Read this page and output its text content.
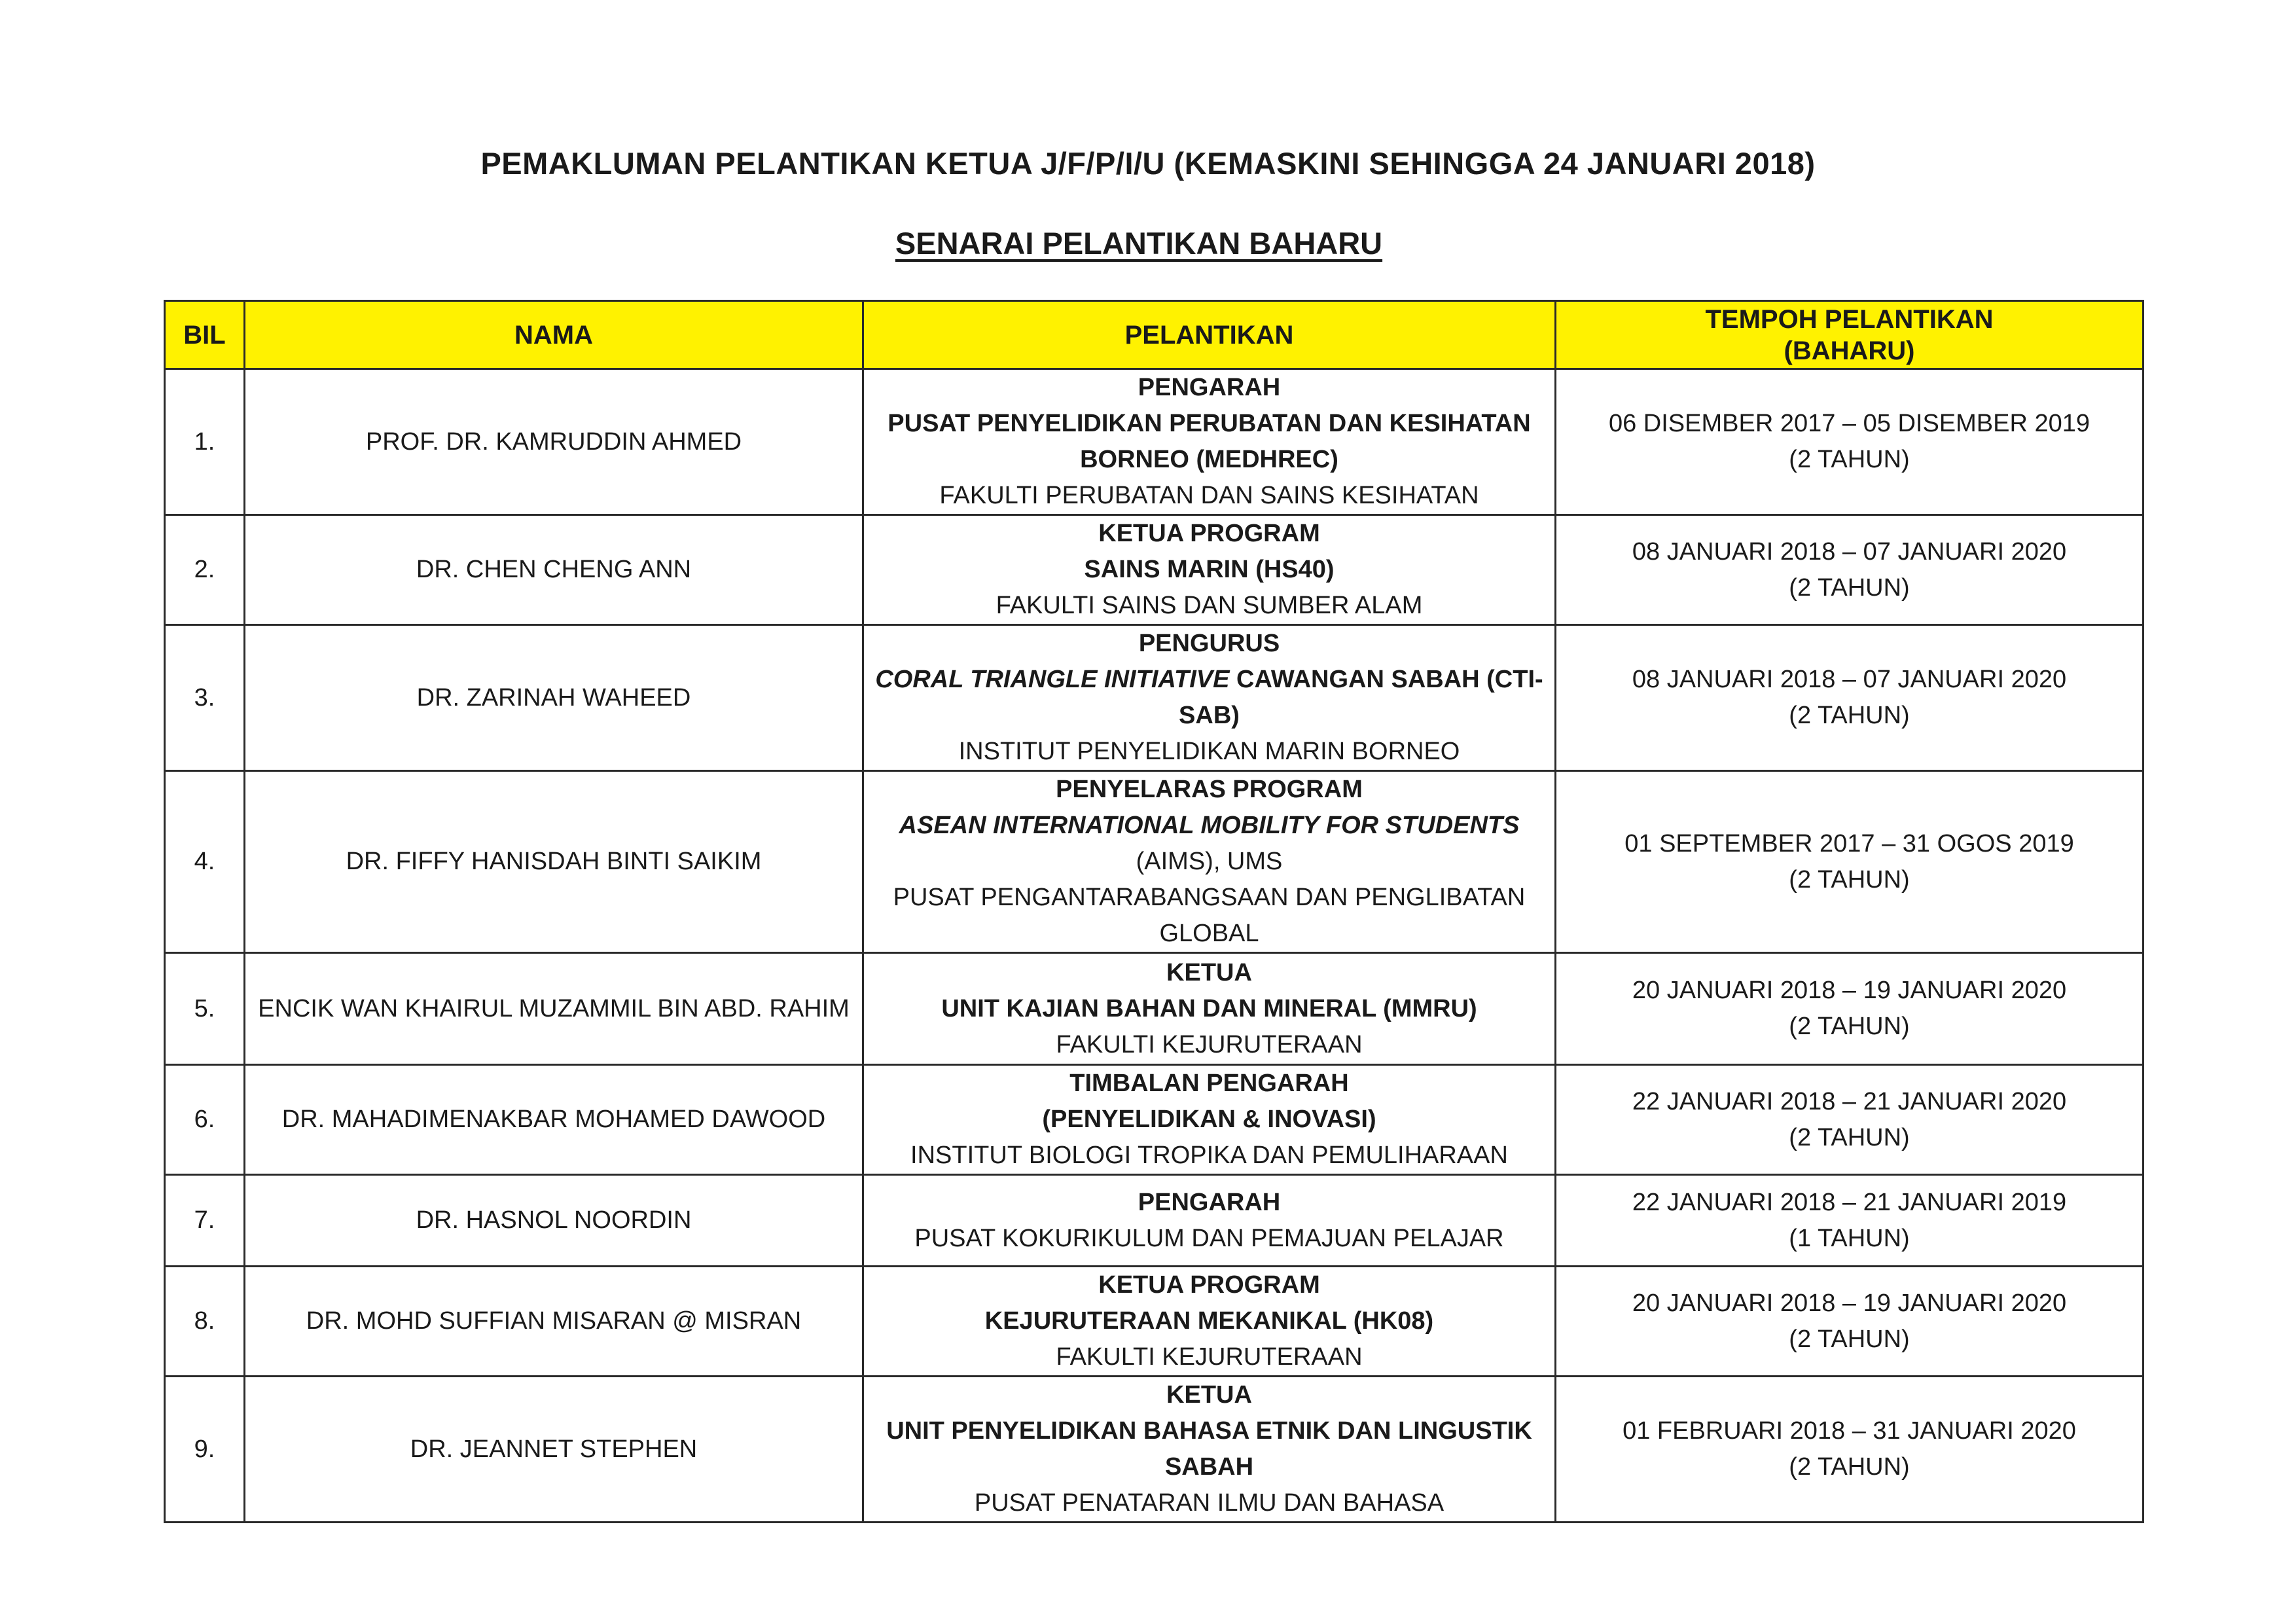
PEMAKLUMAN PELANTIKAN KETUA J/F/P/I/U (KEMASKINI SEHINGGA 24 JANUARI 2018)
SENARAI PELANTIKAN BAHARU
BIL	NAMA	PELANTIKAN	TEMPOH PELANTIKAN
(BAHARU)

1.	PROF. DR. KAMRUDDIN AHMED	PENGARAH
PUSAT PENYELIDIKAN PERUBATAN DAN KESIHATAN BORNEO (MEDHREC)
FAKULTI PERUBATAN DAN SAINS KESIHATAN	06 DISEMBER 2017 – 05 DISEMBER 2019
(2 TAHUN)

2.	DR. CHEN CHENG ANN	KETUA PROGRAM
SAINS MARIN (HS40)
FAKULTI SAINS DAN SUMBER ALAM	08 JANUARI 2018 – 07 JANUARI 2020
(2 TAHUN)

3.	DR. ZARINAH WAHEED	PENGURUS
CORAL TRIANGLE INITIATIVE CAWANGAN SABAH (CTI-SAB)
INSTITUT PENYELIDIKAN MARIN BORNEO	08 JANUARI 2018 – 07 JANUARI 2020
(2 TAHUN)

4.	DR. FIFFY HANISDAH BINTI SAIKIM	PENYELARAS PROGRAM
ASEAN INTERNATIONAL MOBILITY FOR STUDENTS
(AIMS), UMS
PUSAT PENGANTARABANGSAAN DAN PENGLIBATAN GLOBAL	01 SEPTEMBER 2017 – 31 OGOS 2019
(2 TAHUN)

5.	ENCIK WAN KHAIRUL MUZAMMIL BIN ABD. RAHIM	KETUA
UNIT KAJIAN BAHAN DAN MINERAL (MMRU)
FAKULTI KEJURUTERAAN	20 JANUARI 2018 – 19 JANUARI 2020
(2 TAHUN)

6.	DR. MAHADIMENAKBAR MOHAMED DAWOOD	TIMBALAN PENGARAH
(PENYELIDIKAN & INOVASI)
INSTITUT BIOLOGI TROPIKA DAN PEMULIHARAAN	22 JANUARI 2018 – 21 JANUARI 2020
(2 TAHUN)

7.	DR. HASNOL NOORDIN	PENGARAH
PUSAT KOKURIKULUM DAN PEMAJUAN PELAJAR	22 JANUARI 2018 – 21 JANUARI 2019
(1 TAHUN)

8.	DR. MOHD SUFFIAN MISARAN @ MISRAN	KETUA PROGRAM
KEJURUTERAAN MEKANIKAL (HK08)
FAKULTI KEJURUTERAAN	20 JANUARI 2018 – 19 JANUARI 2020
(2 TAHUN)

9.	DR. JEANNET STEPHEN	KETUA
UNIT PENYELIDIKAN BAHASA ETNIK DAN LINGUSTIK SABAH
PUSAT PENATARAN ILMU DAN BAHASA	01 FEBRUARI 2018 – 31 JANUARI 2020
(2 TAHUN)
